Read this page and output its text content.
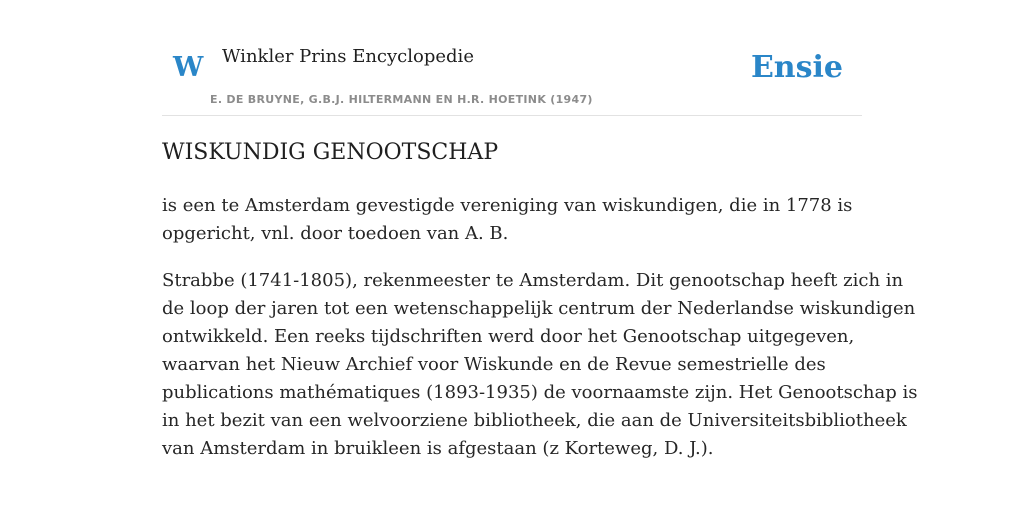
W Winkler Prins Encyclopedie
E. DE BRUYNE, G.B.J. HILTERMANN EN H.R. HOETINK (1947)
Ensie
WISKUNDIG GENOOTSCHAP

is een te Amsterdam gevestigde vereniging van wiskundigen, die in 1778 is
opgericht, vnl. door toedoen van A. B.

Strabbe (1741-1805), rekenmeester te Amsterdam. Dit genootschap heeft zich in
de loop der jaren tot een wetenschappelijk centrum der Nederlandse wiskundigen
ontwikkeld. Een reeks tijdschriften werd door het Genootschap uitgegeven,
waarvan het Nieuw Archief voor Wiskunde en de Revue semestrielle des
publications mathématiques (1893-1935) de voornaamste zijn. Het Genootschap is
in het bezit van een welvoorziene bibliotheek, die aan de Universiteitsbibliotheek
van Amsterdam in bruikleen is afgestaan (z Korteweg, D. J.).
